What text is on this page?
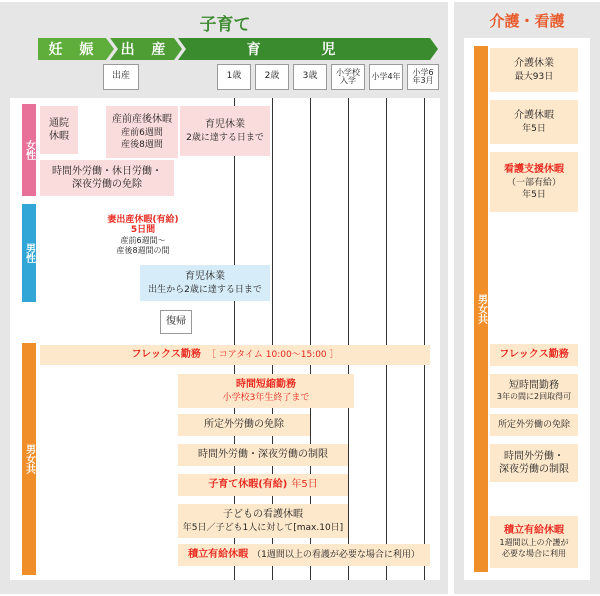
子育て
妊 娠	出 産	育 児
出産	1歳	2歳	3歳	小学校入学	小学4年	小学6年3月
女性
男性
男女共
通院休暇
産前産後休暇
産前6週間
産後8週間
育児休業
2歳に達する日まで
時間外労働・休日労働・
深夜労働の免除
妻出産休暇(有給)
5日間
産前6週間～
産後8週間の間
育児休業
出生から2歳に達する日まで
復帰
フレックス勤務 ［ コアタイム 10:00～15:00 ］
時間短縮勤務
小学校3年生終了まで
所定外労働の免除
時間外労働・深夜労働の制限
子育て休暇(有給) 年5日
子どもの看護休暇
年5日／子ども1人に対して[max.10日]
積立有給休暇 （1週間以上の看護が必要な場合に利用）
介護・看護
男女共
介護休業
最大93日
介護休暇
年5日
看護支援休暇
（一部有給）
年5日
フレックス勤務
短時間勤務
3年の間に2回取得可
所定外労働の免除
時間外労働・
深夜労働の制限
積立有給休暇
1週間以上の介護が
必要な場合に利用
